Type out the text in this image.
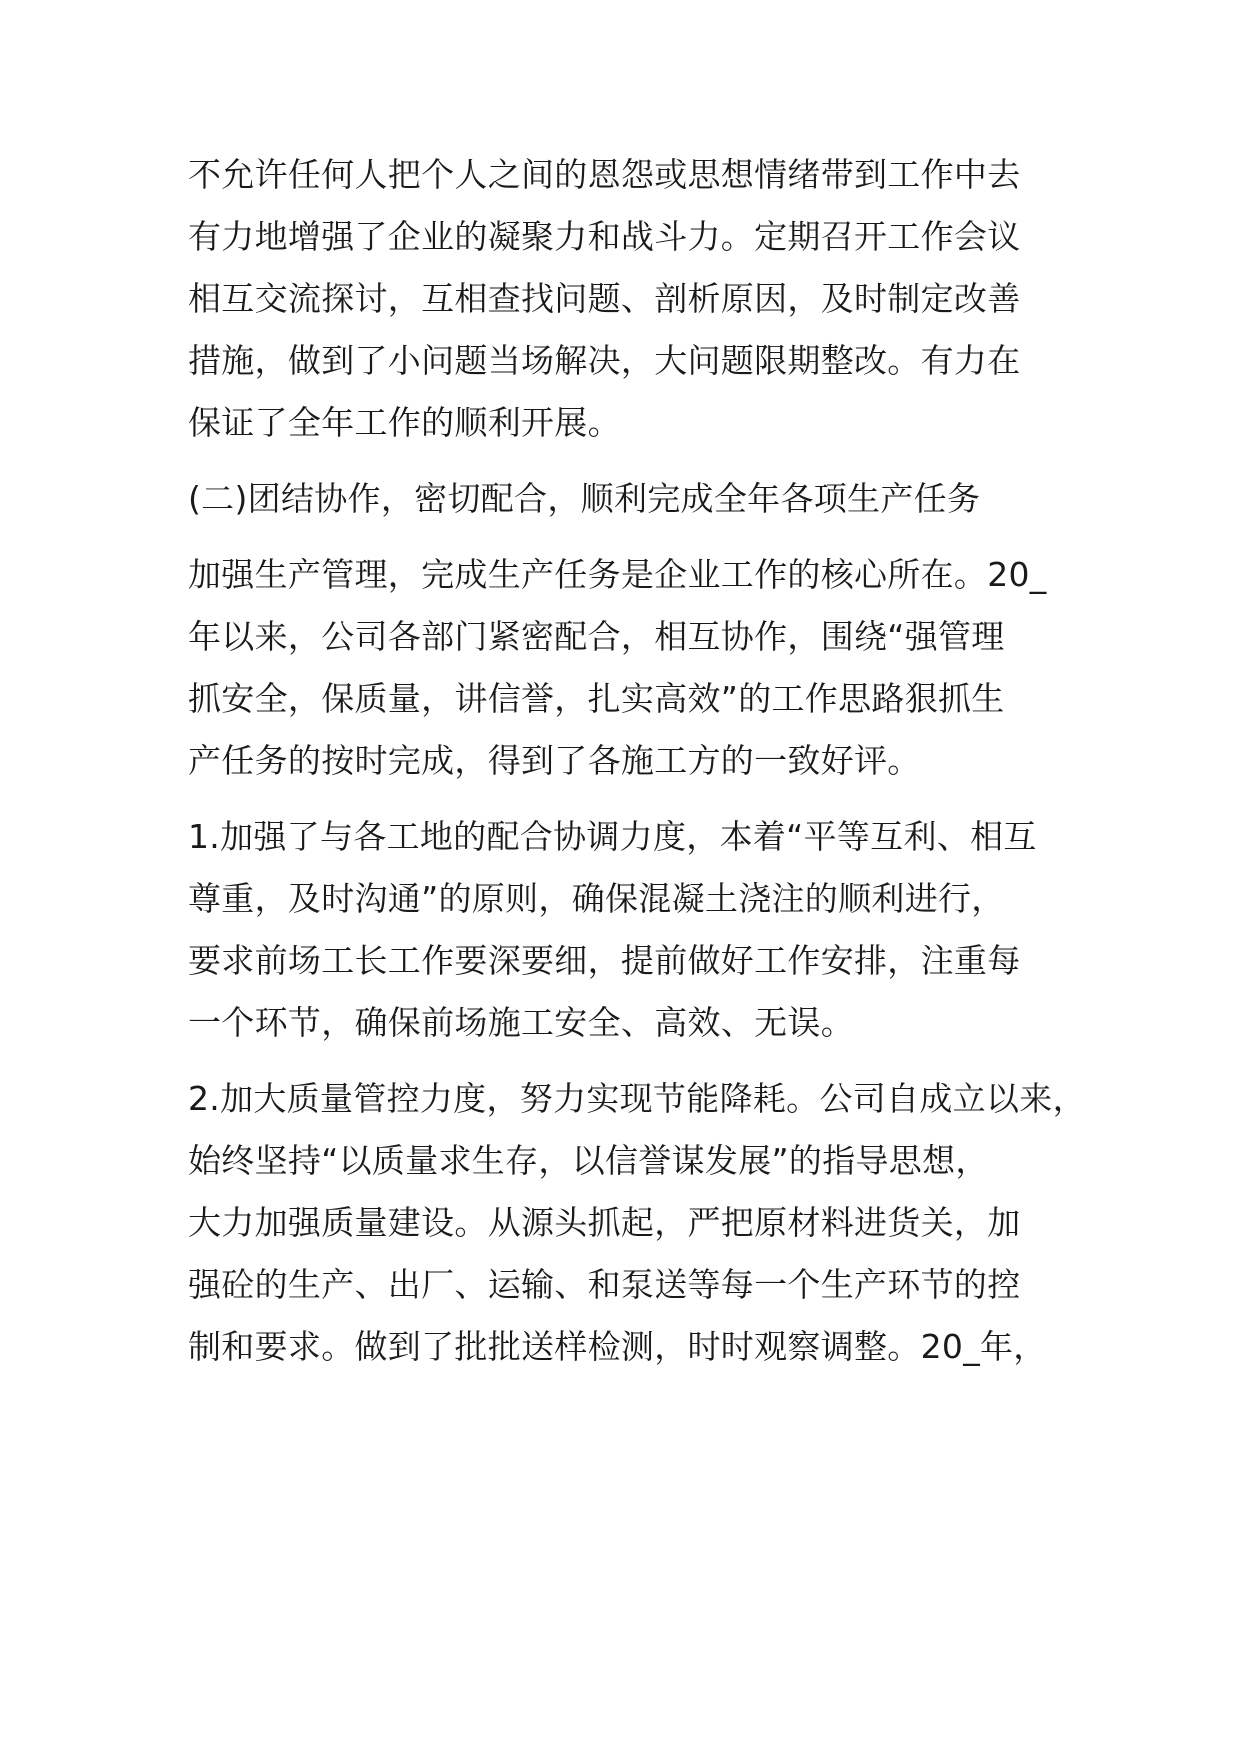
不允许任何人把个人之间的恩怨或思想情绪带到工作中去

有力地增强了企业的凝聚力和战斗力。定期召开工作会议

相互交流探讨，互相查找问题、剖析原因，及时制定改善

措施，做到了小问题当场解决，大问题限期整改。有力在

保证了全年工作的顺利开展。

(二)团结协作，密切配合，顺利完成全年各项生产任务

加强生产管理，完成生产任务是企业工作的核心所在。20_

年以来，公司各部门紧密配合，相互协作，围绕“强管理

抓安全，保质量，讲信誉，扎实高效”的工作思路狠抓生

产任务的按时完成，得到了各施工方的一致好评。

1.加强了与各工地的配合协调力度，本着“平等互利、相互

尊重，及时沟通”的原则，确保混凝土浇注的顺利进行，

要求前场工长工作要深要细，提前做好工作安排，注重每

一个环节，确保前场施工安全、高效、无误。

2.加大质量管控力度，努力实现节能降耗。公司自成立以来，

始终坚持“以质量求生存，以信誉谋发展”的指导思想，

大力加强质量建设。从源头抓起，严把原材料进货关，加

强砼的生产、出厂、运输、和泵送等每一个生产环节的控

制和要求。做到了批批送样检测，时时观察调整。20_年，
